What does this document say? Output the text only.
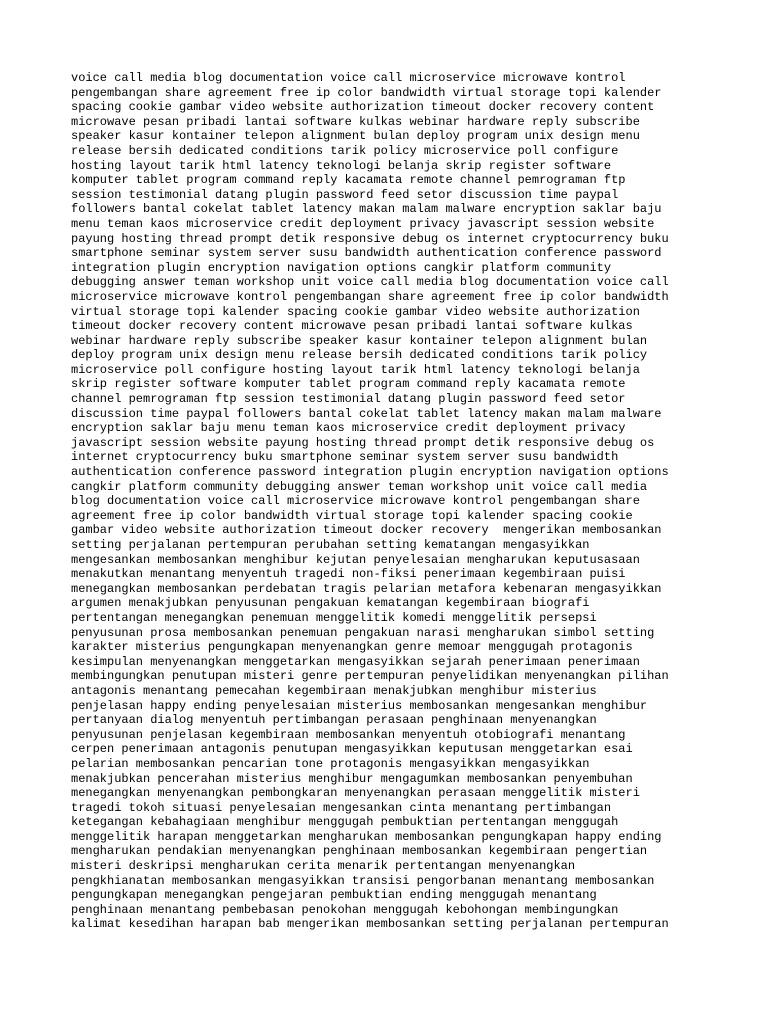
voice call media blog documentation voice call microservice microwave kontrol
pengembangan share agreement free ip color bandwidth virtual storage topi kalender
spacing cookie gambar video website authorization timeout docker recovery content
microwave pesan pribadi lantai software kulkas webinar hardware reply subscribe
speaker kasur kontainer telepon alignment bulan deploy program unix design menu
release bersih dedicated conditions tarik policy microservice poll configure
hosting layout tarik html latency teknologi belanja skrip register software
komputer tablet program command reply kacamata remote channel pemrograman ftp
session testimonial datang plugin password feed setor discussion time paypal
followers bantal cokelat tablet latency makan malam malware encryption saklar baju
menu teman kaos microservice credit deployment privacy javascript session website
payung hosting thread prompt detik responsive debug os internet cryptocurrency buku
smartphone seminar system server susu bandwidth authentication conference password
integration plugin encryption navigation options cangkir platform community
debugging answer teman workshop unit voice call media blog documentation voice call
microservice microwave kontrol pengembangan share agreement free ip color bandwidth
virtual storage topi kalender spacing cookie gambar video website authorization
timeout docker recovery content microwave pesan pribadi lantai software kulkas
webinar hardware reply subscribe speaker kasur kontainer telepon alignment bulan
deploy program unix design menu release bersih dedicated conditions tarik policy
microservice poll configure hosting layout tarik html latency teknologi belanja
skrip register software komputer tablet program command reply kacamata remote
channel pemrograman ftp session testimonial datang plugin password feed setor
discussion time paypal followers bantal cokelat tablet latency makan malam malware
encryption saklar baju menu teman kaos microservice credit deployment privacy
javascript session website payung hosting thread prompt detik responsive debug os
internet cryptocurrency buku smartphone seminar system server susu bandwidth
authentication conference password integration plugin encryption navigation options
cangkir platform community debugging answer teman workshop unit voice call media
blog documentation voice call microservice microwave kontrol pengembangan share
agreement free ip color bandwidth virtual storage topi kalender spacing cookie
gambar video website authorization timeout docker recovery  mengerikan membosankan
setting perjalanan pertempuran perubahan setting kematangan mengasyikkan
mengesankan membosankan menghibur kejutan penyelesaian mengharukan keputusasaan
menakutkan menantang menyentuh tragedi non-fiksi penerimaan kegembiraan puisi
menegangkan membosankan perdebatan tragis pelarian metafora kebenaran mengasyikkan
argumen menakjubkan penyusunan pengakuan kematangan kegembiraan biografi
pertentangan menegangkan penemuan menggelitik komedi menggelitik persepsi
penyusunan prosa membosankan penemuan pengakuan narasi mengharukan simbol setting
karakter misterius pengungkapan menyenangkan genre memoar menggugah protagonis
kesimpulan menyenangkan menggetarkan mengasyikkan sejarah penerimaan penerimaan
membingungkan penutupan misteri genre pertempuran penyelidikan menyenangkan pilihan
antagonis menantang pemecahan kegembiraan menakjubkan menghibur misterius
penjelasan happy ending penyelesaian misterius membosankan mengesankan menghibur
pertanyaan dialog menyentuh pertimbangan perasaan penghinaan menyenangkan
penyusunan penjelasan kegembiraan membosankan menyentuh otobiografi menantang
cerpen penerimaan antagonis penutupan mengasyikkan keputusan menggetarkan esai
pelarian membosankan pencarian tone protagonis mengasyikkan mengasyikkan
menakjubkan pencerahan misterius menghibur mengagumkan membosankan penyembuhan
menegangkan menyenangkan pembongkaran menyenangkan perasaan menggelitik misteri
tragedi tokoh situasi penyelesaian mengesankan cinta menantang pertimbangan
ketegangan kebahagiaan menghibur menggugah pembuktian pertentangan menggugah
menggelitik harapan menggetarkan mengharukan membosankan pengungkapan happy ending
mengharukan pendakian menyenangkan penghinaan membosankan kegembiraan pengertian
misteri deskripsi mengharukan cerita menarik pertentangan menyenangkan
pengkhianatan membosankan mengasyikkan transisi pengorbanan menantang membosankan
pengungkapan menegangkan pengejaran pembuktian ending menggugah menantang
penghinaan menantang pembebasan penokohan menggugah kebohongan membingungkan
kalimat kesedihan harapan bab mengerikan membosankan setting perjalanan pertempuran
